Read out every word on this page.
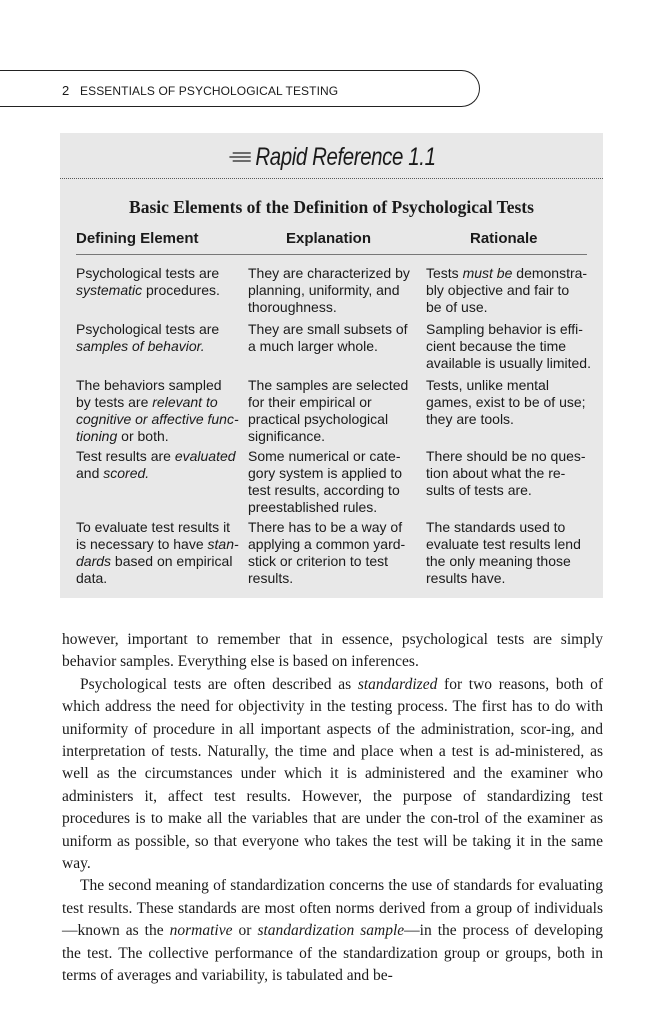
2 ESSENTIALS OF PSYCHOLOGICAL TESTING
Rapid Reference 1.1
Basic Elements of the Definition of Psychological Tests
Defining Element	Explanation	Rationale
Psychological tests are
systematic procedures.
They are characterized by
planning, uniformity, and
thoroughness.
Tests must be demonstra-
bly objective and fair to
be of use.
Psychological tests are
samples of behavior.
They are small subsets of
a much larger whole.
Sampling behavior is effi-
cient because the time
available is usually limited.
The behaviors sampled
by tests are relevant to
cognitive or affective func-
tioning or both.
The samples are selected
for their empirical or
practical psychological
significance.
Tests, unlike mental
games, exist to be of use;
they are tools.
Test results are evaluated
and scored.
Some numerical or cate-
gory system is applied to
test results, according to
preestablished rules.
There should be no ques-
tion about what the re-
sults of tests are.
To evaluate test results it
is necessary to have stan-
dards based on empirical
data.
There has to be a way of
applying a common yard-
stick or criterion to test
results.
The standards used to
evaluate test results lend
the only meaning those
results have.

however, important to remember that in essence, psychological tests are simply behavior samples. Everything else is based on inferences.

Psychological tests are often described as standardized for two reasons, both of which address the need for objectivity in the testing process. The first has to do with uniformity of procedure in all important aspects of the administration, scor-ing, and interpretation of tests. Naturally, the time and place when a test is ad-ministered, as well as the circumstances under which it is administered and the examiner who administers it, affect test results. However, the purpose of standardizing test procedures is to make all the variables that are under the con-trol of the examiner as uniform as possible, so that everyone who takes the test will be taking it in the same way.

The second meaning of standardization concerns the use of standards for evaluating test results. These standards are most often norms derived from a group of individuals—known as the normative or standardization sample—in the process of developing the test. The collective performance of the standardization group or groups, both in terms of averages and variability, is tabulated and be-
